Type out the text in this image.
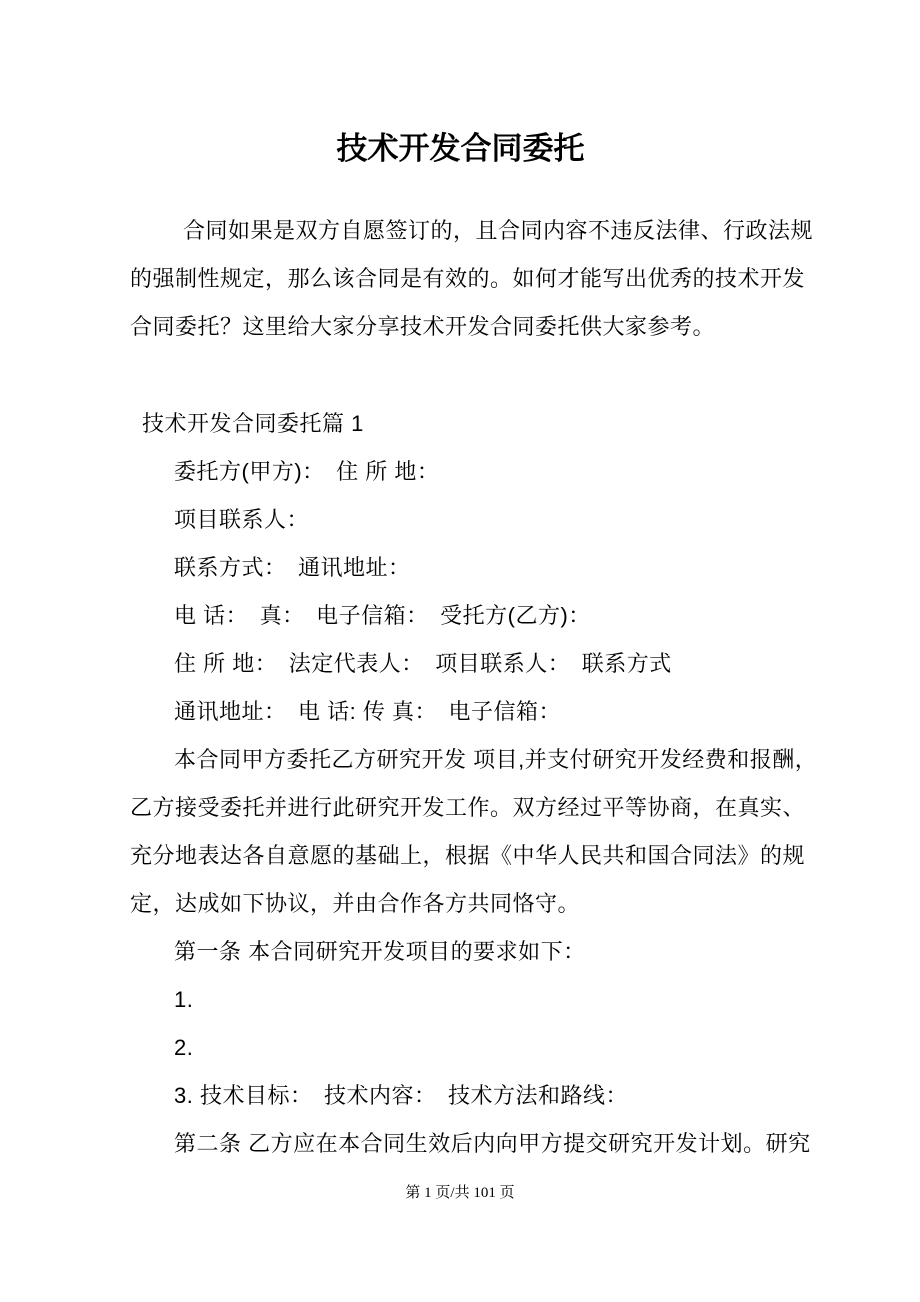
技术开发合同委托

合同如果是双方自愿签订的，且合同内容不违反法律、行政法规

的强制性规定，那么该合同是有效的。如何才能写出优秀的技术开发

合同委托？这里给大家分享技术开发合同委托供大家参考。

技术开发合同委托篇 1

委托方(甲方)：　住 所 地：

项目联系人：

联系方式：　通讯地址：

电 话：　真：　电子信箱：　受托方(乙方)：

住 所 地：　法定代表人：　项目联系人：　联系方式

通讯地址：　电 话: 传 真：　电子信箱：

本合同甲方委托乙方研究开发 项目,并支付研究开发经费和报酬，

乙方接受委托并进行此研究开发工作。双方经过平等协商，在真实、

充分地表达各自意愿的基础上，根据《中华人民共和国合同法》的规

定，达成如下协议，并由合作各方共同恪守。

第一条 本合同研究开发项目的要求如下：

1.

2.

3. 技术目标：　技术内容：　技术方法和路线：

第二条 乙方应在本合同生效后内向甲方提交研究开发计划。研究

第 1 页/共 101 页
